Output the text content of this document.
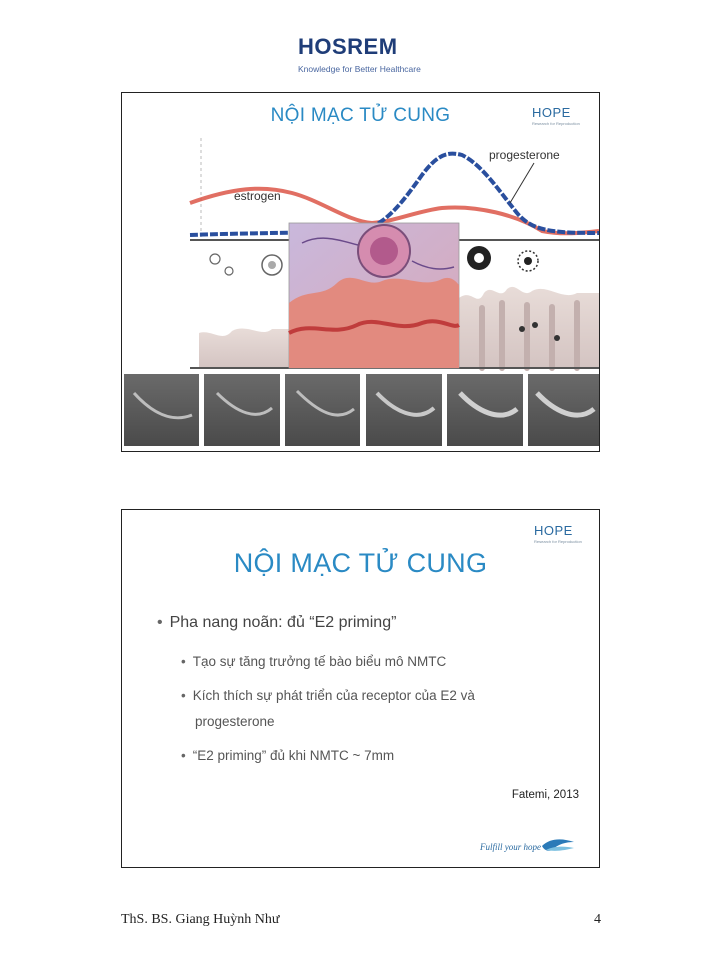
HOSREM
Knowledge for Better Healthcare
estrogen
progesterone
NỘI MẠC TỬ CUNG	HOPE
Research for Reproduction
HOPE
Research for Reproduction
NỘI MẠC TỬ CUNG
• Pha nang noãn: đủ “E2 priming”
• Tạo sự tăng trưởng tế bào biểu mô NMTC
• Kích thích sự phát triển của receptor của E2 và
progesterone
• “E2 priming” đủ khi NMTC ~ 7mm
Fatemi, 2013
Fulfill your hope
ThS. BS. Giang Huỳnh Như	4
